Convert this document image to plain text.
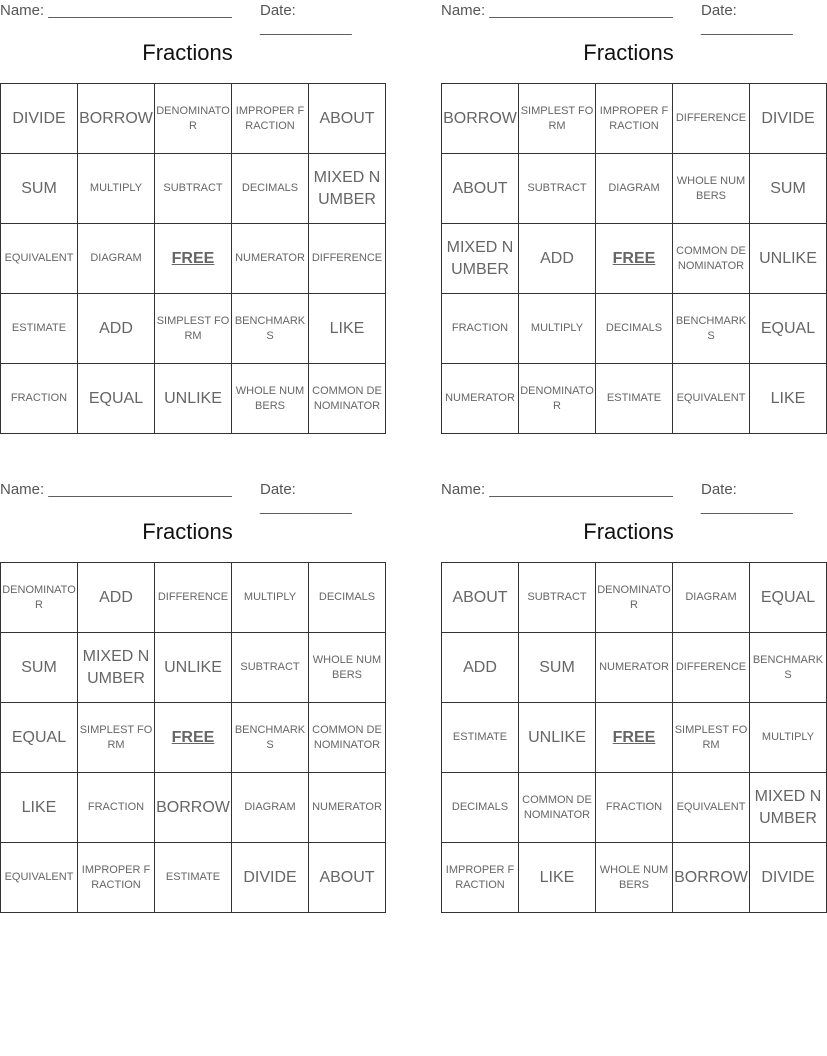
Name: ______________________ Date: ___________
Fractions
DIVIDE	BORROW	DENOMINATOR	IMPROPER FRACTION	ABOUT
SUM	MULTIPLY	SUBTRACT	DECIMALS	MIXED NUMBER
EQUIVALENT	DIAGRAM	FREE	NUMERATOR	DIFFERENCE
ESTIMATE	ADD	SIMPLEST FORM	BENCHMARKS	LIKE
FRACTION	EQUAL	UNLIKE	WHOLE NUMBERS	COMMON DENOMINATOR
Name: ______________________ Date: ___________
Fractions
BORROW	SIMPLEST FORM	IMPROPER FRACTION	DIFFERENCE	DIVIDE
ABOUT	SUBTRACT	DIAGRAM	WHOLE NUMBERS	SUM
MIXED NUMBER	ADD	FREE	COMMON DENOMINATOR	UNLIKE
FRACTION	MULTIPLY	DECIMALS	BENCHMARKS	EQUAL
NUMERATOR	DENOMINATOR	ESTIMATE	EQUIVALENT	LIKE
Name: ______________________ Date: ___________
Fractions
DENOMINATOR	ADD	DIFFERENCE	MULTIPLY	DECIMALS
SUM	MIXED NUMBER	UNLIKE	SUBTRACT	WHOLE NUMBERS
EQUAL	SIMPLEST FORM	FREE	BENCHMARKS	COMMON DENOMINATOR
LIKE	FRACTION	BORROW	DIAGRAM	NUMERATOR
EQUIVALENT	IMPROPER FRACTION	ESTIMATE	DIVIDE	ABOUT
Name: ______________________ Date: ___________
Fractions
ABOUT	SUBTRACT	DENOMINATOR	DIAGRAM	EQUAL
ADD	SUM	NUMERATOR	DIFFERENCE	BENCHMARKS
ESTIMATE	UNLIKE	FREE	SIMPLEST FORM	MULTIPLY
DECIMALS	COMMON DENOMINATOR	FRACTION	EQUIVALENT	MIXED NUMBER
IMPROPER FRACTION	LIKE	WHOLE NUMBERS	BORROW	DIVIDE
